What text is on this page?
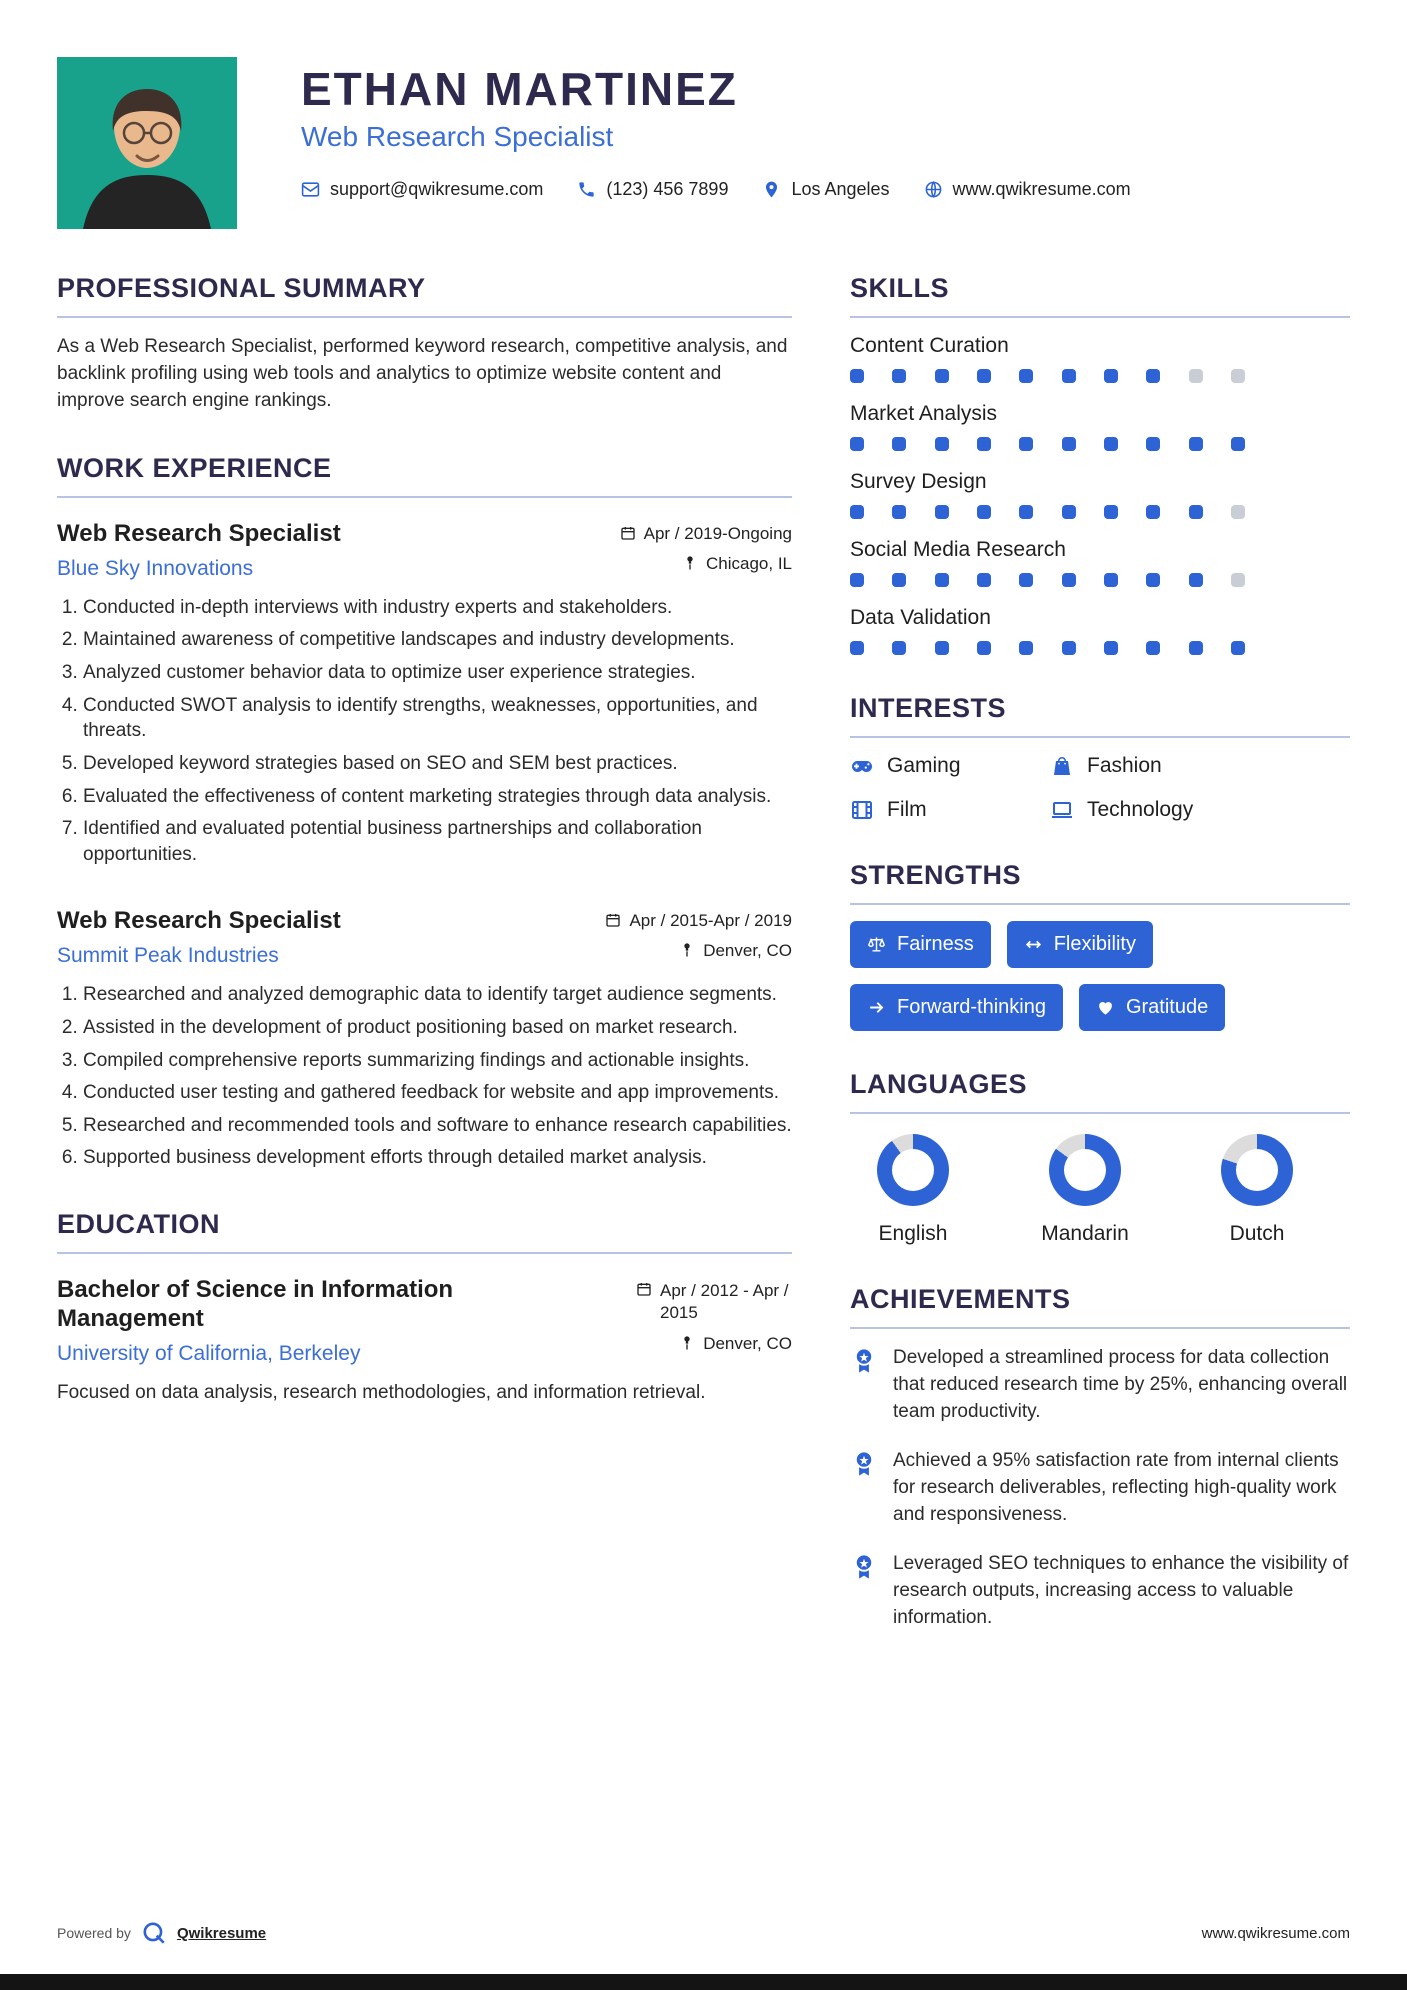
ETHAN MARTINEZ
Web Research Specialist
support@qwikresume.com	(123) 456 7899	Los Angeles	www.qwikresume.com
PROFESSIONAL SUMMARY

As a Web Research Specialist, performed keyword research, competitive analysis, and backlink profiling using web tools and analytics to optimize website content and improve search engine rankings.

WORK EXPERIENCE
Web Research Specialist
Blue Sky Innovations
Apr / 2019-Ongoing
Chicago, IL
1. Conducted in-depth interviews with industry experts and stakeholders.
2. Maintained awareness of competitive landscapes and industry developments.
3. Analyzed customer behavior data to optimize user experience strategies.
4. Conducted SWOT analysis to identify strengths, weaknesses, opportunities, and threats.
5. Developed keyword strategies based on SEO and SEM best practices.
6. Evaluated the effectiveness of content marketing strategies through data analysis.
7. Identified and evaluated potential business partnerships and collaboration opportunities.
Web Research Specialist
Summit Peak Industries
Apr / 2015-Apr / 2019
Denver, CO
1. Researched and analyzed demographic data to identify target audience segments.
2. Assisted in the development of product positioning based on market research.
3. Compiled comprehensive reports summarizing findings and actionable insights.
4. Conducted user testing and gathered feedback for website and app improvements.
5. Researched and recommended tools and software to enhance research capabilities.
6. Supported business development efforts through detailed market analysis.
EDUCATION
Bachelor of Science in Information Management
University of California, Berkeley
Apr / 2012 - Apr / 2015
Denver, CO

Focused on data analysis, research methodologies, and information retrieval.

SKILLS
Content Curation
Market Analysis
Survey Design
Social Media Research
Data Validation
INTERESTS
Gaming	Fashion
Film	Technology
STRENGTHS
Fairness	Flexibility
Forward-thinking	Gratitude
LANGUAGES
English	Mandarin	Dutch
ACHIEVEMENTS

Developed a streamlined process for data collection that reduced research time by 25%, enhancing overall team productivity.

Achieved a 95% satisfaction rate from internal clients for research deliverables, reflecting high-quality work and responsiveness.

Leveraged SEO techniques to enhance the visibility of research outputs, increasing access to valuable information.

Powered by	Qwikresume	www.qwikresume.com
